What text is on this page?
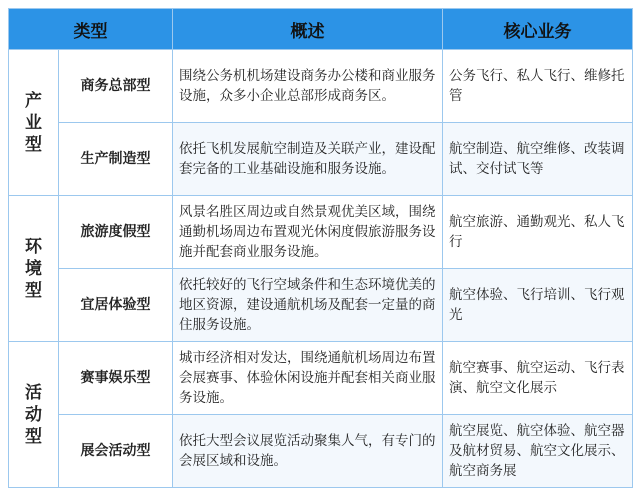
类型		概述	核心业务
产业型	商务总部型	围绕公务机机场建设商务办公楼和商业服务设施，众多小企业总部形成商务区。	公务飞行、私人飞行、维修托管
	生产制造型	依托飞机发展航空制造及关联产业，建设配套完备的工业基础设施和服务设施。	航空制造、航空维修、改装调试、交付试飞等
环境型	旅游度假型	风景名胜区周边或自然景观优美区域，围绕通勤机场周边布置观光休闲度假旅游服务设施并配套商业服务设施。	航空旅游、通勤观光、私人飞行
	宜居体验型	依托较好的飞行空域条件和生态环境优美的地区资源，建设通航机场及配套一定量的商住服务设施。	航空体验、飞行培训、飞行观光
活动型	赛事娱乐型	城市经济相对发达，围绕通航机场周边布置会展赛事、体验休闲设施并配套相关商业服务设施。	航空赛事、航空运动、飞行表演、航空文化展示
	展会活动型	依托大型会议展览活动聚集人气，有专门的会展区域和设施。	航空展览、航空体验、航空器及航材贸易、航空文化展示、航空商务展
